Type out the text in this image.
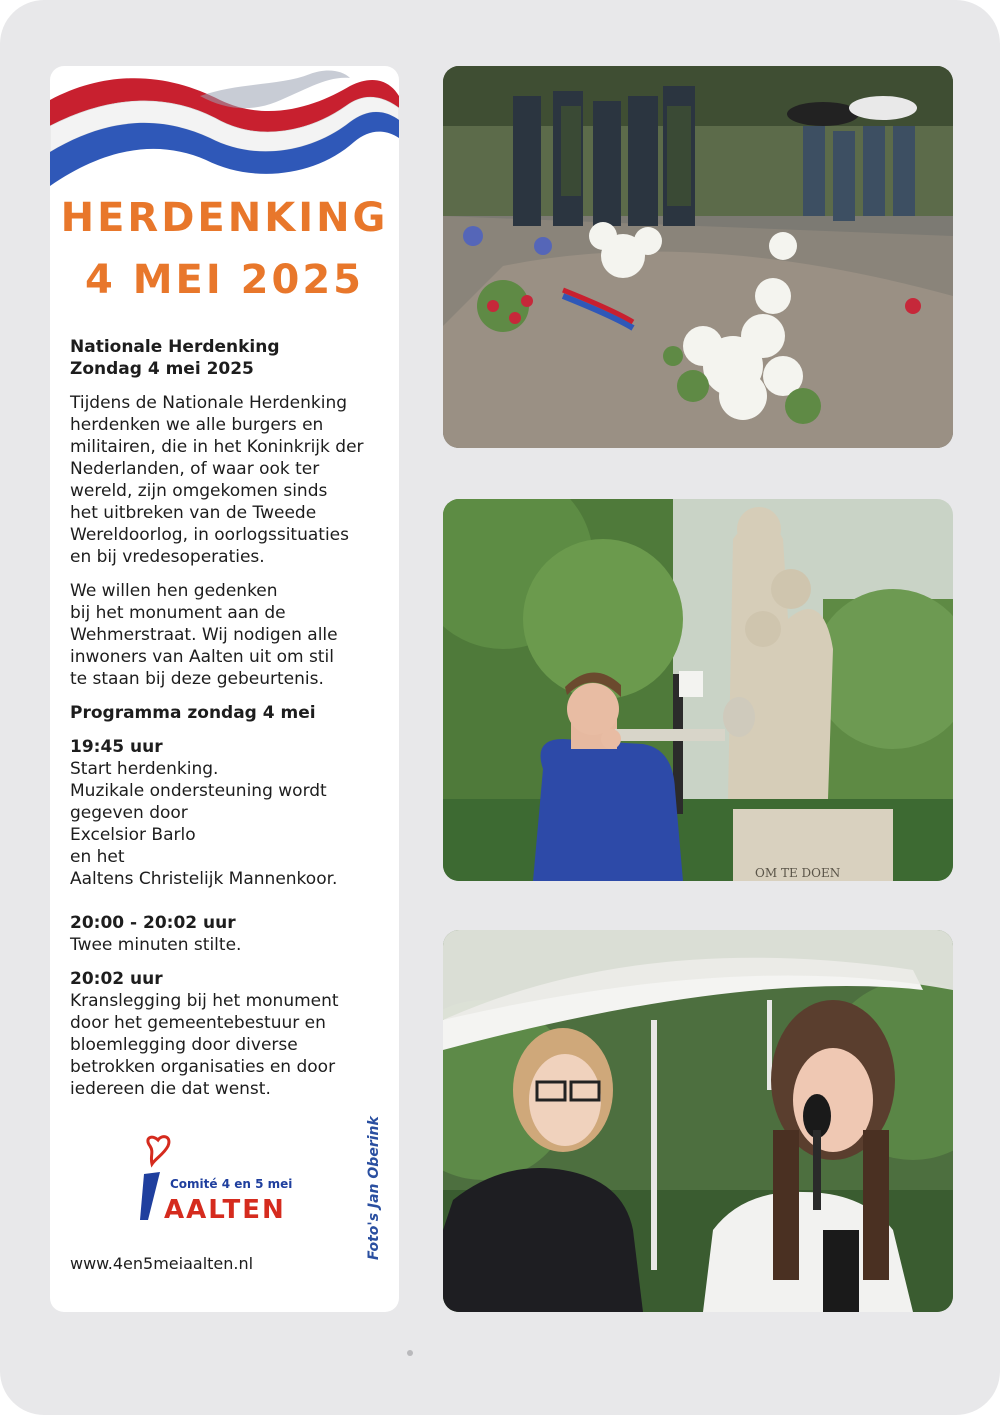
HERDENKING
4 MEI 2025
Nationale Herdenking
Zondag 4 mei 2025
Tijdens de Nationale Herdenking
herdenken we alle burgers en
militairen, die in het Koninkrijk der
Nederlanden, of waar ook ter
wereld, zijn omgekomen sinds
het uitbreken van de Tweede
Wereldoorlog, in oorlogssituaties
en bij vredesoperaties.
We willen hen gedenken
bij het monument aan de
Wehmerstraat. Wij nodigen alle
inwoners van Aalten uit om stil
te staan bij deze gebeurtenis.
Programma zondag 4 mei
19:45 uur
Start herdenking.
Muzikale ondersteuning wordt
gegeven door
Excelsior Barlo
en het
Aaltens Christelijk Mannenkoor.
20:00 - 20:02 uur
Twee minuten stilte.
20:02 uur
Kranslegging bij het monument
door het gemeentebestuur en
bloemlegging door diverse
betrokken organisaties en door
iedereen die dat wenst.
Comité 4 en 5 mei
AALTEN
www.4en5meiaalten.nl
Foto's Jan Oberink
OM TE DOEN
